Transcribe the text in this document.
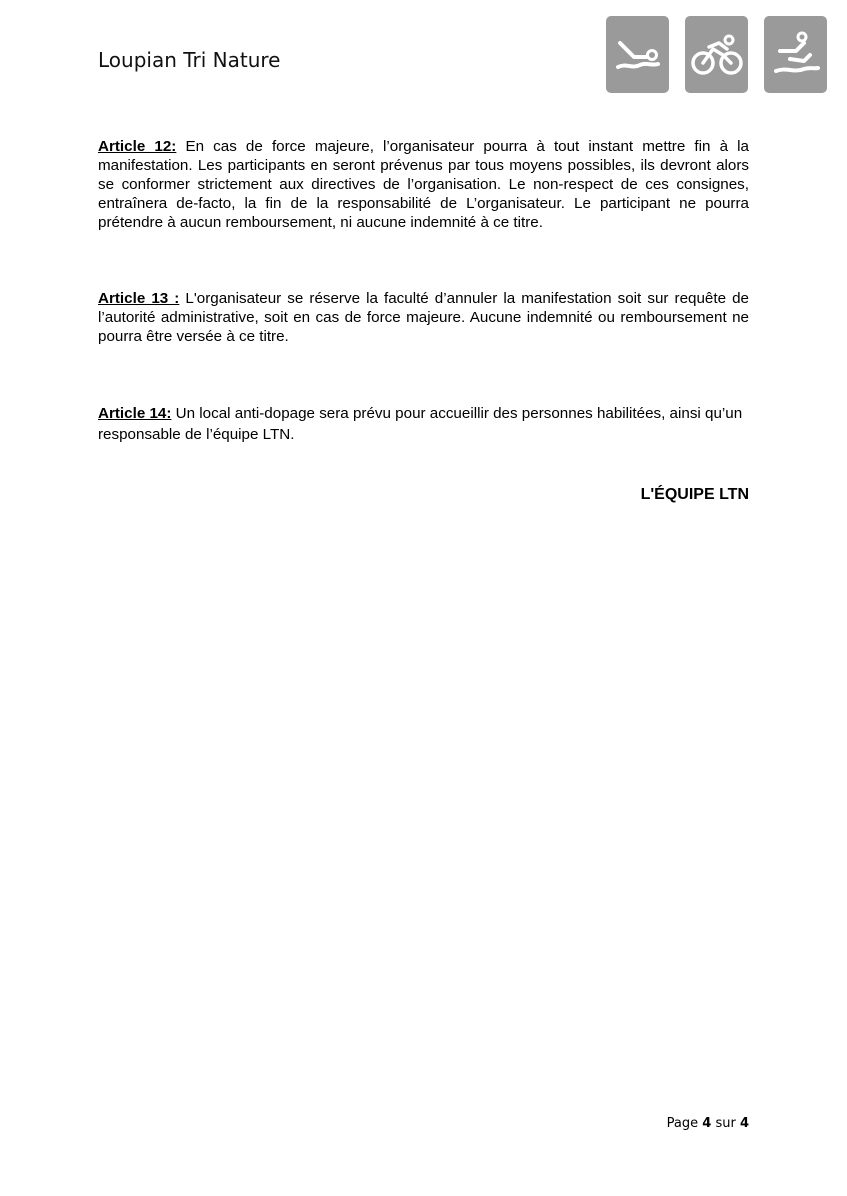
Loupian Tri Nature
Article 12: En cas de force majeure, l’organisateur pourra à tout instant mettre fin à la manifestation. Les participants en seront prévenus par tous moyens possibles, ils devront alors se conformer strictement aux directives de l’organisation. Le non-respect de ces consignes, entraînera de-facto, la fin de la responsabilité de L’organisateur. Le participant ne pourra prétendre à aucun remboursement, ni aucune indemnité à ce titre.
Article 13 : L'organisateur se réserve la faculté d’annuler la manifestation soit sur requête de l’autorité administrative, soit en cas de force majeure. Aucune indemnité ou remboursement ne pourra être versée à ce titre.
Article 14: Un local anti-dopage sera prévu pour accueillir des personnes habilitées, ainsi qu’un responsable de l’équipe LTN.
L'ÉQUIPE LTN
Page 4 sur 4
